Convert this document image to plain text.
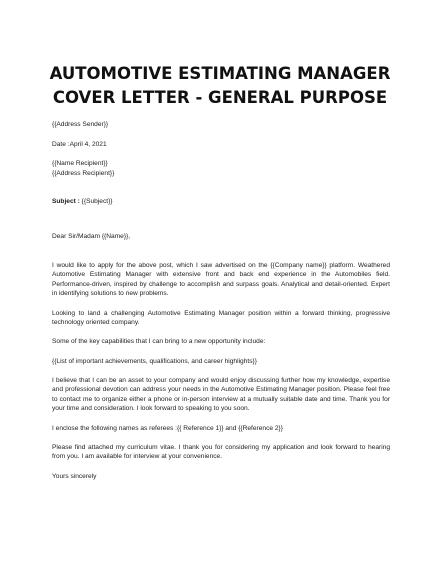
AUTOMOTIVE ESTIMATING MANAGER
COVER LETTER - GENERAL PURPOSE
{{Address Sender}}
Date :April 4, 2021
{{Name Recipient}}
{{Address Recipient}}
Subject : {{Subject}}
Dear Sir/Madam {{Name}},

I would like to apply for the above post, which I saw advertised on the {{Company name}} platform. Weathered Automotive Estimating Manager with extensive front and back end experience in the Automobiles field. Performance-driven, inspired by challenge to accomplish and surpass goals. Analytical and detail-oriented. Expert in identifying solutions to new problems.

Looking to land a challenging Automotive Estimating Manager position within a forward thinking, progressive technology oriented company.

Some of the key capabilities that I can bring to a new opportunity include:

{{List of important achievements, qualifications, and career highlights}}

I believe that I can be an asset to your company and would enjoy discussing further how my knowledge, expertise and professional devotion can address your needs in the Automotive Estimating Manager position. Please feel free to contact me to organize either a phone or in-person interview at a mutually suitable date and time. Thank you for your time and consideration. I look forward to speaking to you soon.

I enclose the following names as referees :{{ Reference 1}} and {{Reference 2}}

Please find attached my curriculum vitae. I thank you for considering my application and look forward to hearing from you. I am available for interview at your convenience.

Yours sincerely
